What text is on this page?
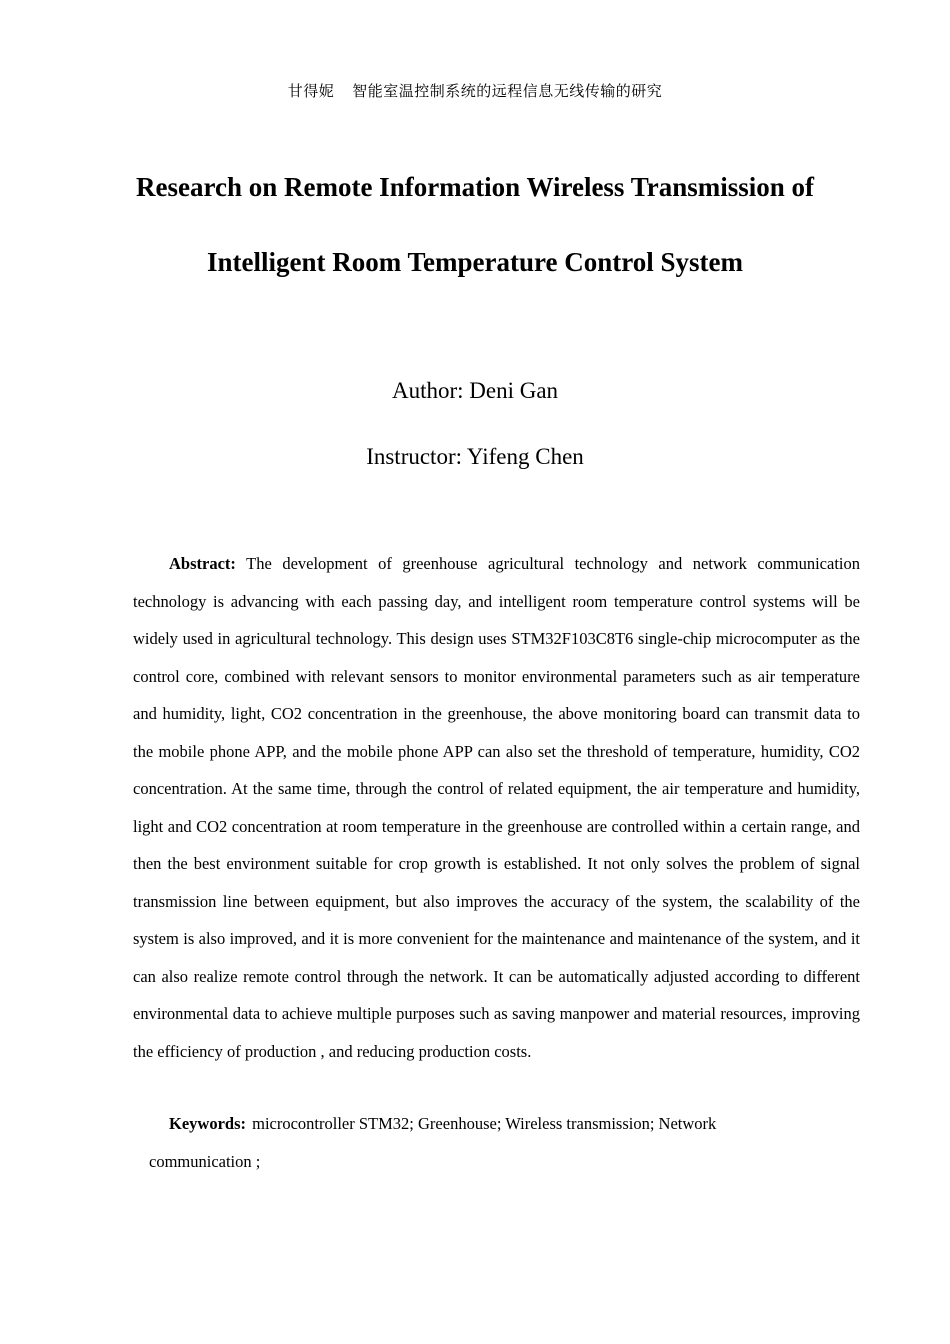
甘得妮 智能室温控制系统的远程信息无线传输的研究
Research on Remote Information Wireless Transmission of
Intelligent Room Temperature Control System
Author: Deni Gan
Instructor: Yifeng Chen
Abstract: The development of greenhouse agricultural technology and network communication technology is advancing with each passing day, and intelligent room temperature control systems will be widely used in agricultural technology. This design uses STM32F103C8T6 single-chip microcomputer as the control core, combined with relevant sensors to monitor environmental parameters such as air temperature and humidity, light, CO2 concentration in the greenhouse, the above monitoring board can transmit data to the mobile phone APP, and the mobile phone APP can also set the threshold of temperature, humidity, CO2 concentration. At the same time, through the control of related equipment, the air temperature and humidity, light and CO2 concentration at room temperature in the greenhouse are controlled within a certain range, and then the best environment suitable for crop growth is established. It not only solves the problem of signal transmission line between equipment, but also improves the accuracy of the system, the scalability of the system is also improved, and it is more convenient for the maintenance and maintenance of the system, and it can also realize remote control through the network. It can be automatically adjusted according to different environmental data to achieve multiple purposes such as saving manpower and material resources, improving the efficiency of production , and reducing production costs.
Keywords: microcontroller STM32; Greenhouse; Wireless transmission; Network
communication ;
